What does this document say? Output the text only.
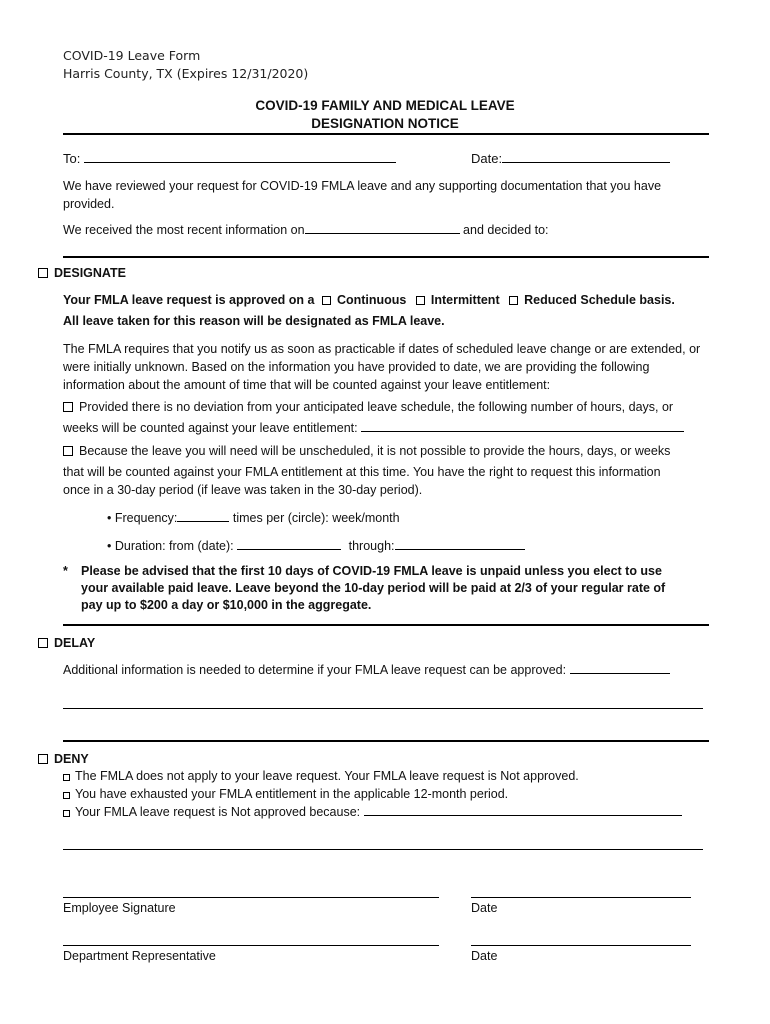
COVID-19 Leave Form
Harris County, TX (Expires 12/31/2020)
COVID-19 FAMILY AND MEDICAL LEAVE
DESIGNATION NOTICE
To:	Date:
We have reviewed your request for COVID-19 FMLA leave and any supporting documentation that you have provided.
We received the most recent information on	and decided to:
DESIGNATE
Your FMLA leave request is approved on a Continuous Intermittent Reduced Schedule basis.
All leave taken for this reason will be designated as FMLA leave.
The FMLA requires that you notify us as soon as practicable if dates of scheduled leave change or are extended, or were initially unknown. Based on the information you have provided to date, we are providing the following information about the amount of time that will be counted against your leave entitlement:
Provided there is no deviation from your anticipated leave schedule, the following number of hours, days, or
weeks will be counted against your leave entitlement:
Because the leave you will need will be unscheduled, it is not possible to provide the hours, days, or weeks
that will be counted against your FMLA entitlement at this time. You have the right to request this information
once in a 30-day period (if leave was taken in the 30-day period).
• Frequency:	times per (circle): week/month
• Duration: from (date):	through:
* Please be advised that the first 10 days of COVID-19 FMLA leave is unpaid unless you elect to use
your available paid leave. Leave beyond the 10-day period will be paid at 2/3 of your regular rate of
pay up to $200 a day or $10,000 in the aggregate.
DELAY
Additional information is needed to determine if your FMLA leave request can be approved:
DENY
The FMLA does not apply to your leave request. Your FMLA leave request is Not approved.
You have exhausted your FMLA entitlement in the applicable 12-month period.
Your FMLA leave request is Not approved because:
Employee Signature	Date
Department Representative	Date
